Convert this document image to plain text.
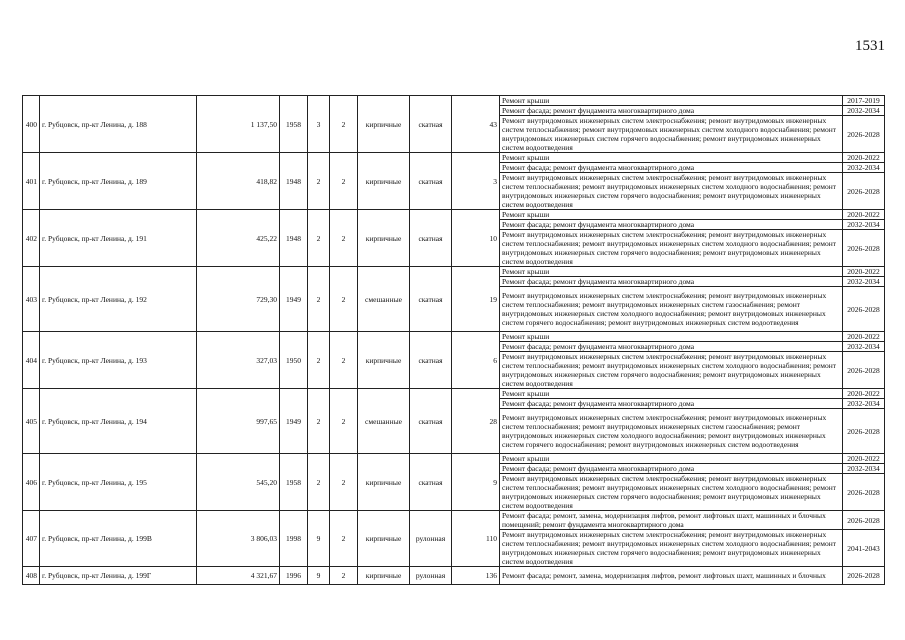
1531
400	г. Рубцовск, пр-кт Ленина, д. 188	1 137,50	1958	3	2	кирпичные	скатная	43	Ремонт крыши	2017-2019
									Ремонт фасада; ремонт фундамента многоквартирного дома	2032-2034
									Ремонт внутридомовых инженерных систем электроснабжения; ремонт внутридомовых инженерных систем теплоснабжения; ремонт внутридомовых инженерных систем холодного водоснабжения; ремонт внутридомовых инженерных систем горячего водоснабжения; ремонт внутридомовых инженерных систем водоотведения	2026-2028
401	г. Рубцовск, пр-кт Ленина, д. 189	418,82	1948	2	2	кирпичные	скатная	3	Ремонт крыши	2020-2022
									Ремонт фасада; ремонт фундамента многоквартирного дома	2032-2034
									Ремонт внутридомовых инженерных систем электроснабжения; ремонт внутридомовых инженерных систем теплоснабжения; ремонт внутридомовых инженерных систем холодного водоснабжения; ремонт внутридомовых инженерных систем горячего водоснабжения; ремонт внутридомовых инженерных систем водоотведения	2026-2028
402	г. Рубцовск, пр-кт Ленина, д. 191	425,22	1948	2	2	кирпичные	скатная	10	Ремонт крыши	2020-2022
									Ремонт фасада; ремонт фундамента многоквартирного дома	2032-2034
									Ремонт внутридомовых инженерных систем электроснабжения; ремонт внутридомовых инженерных систем теплоснабжения; ремонт внутридомовых инженерных систем холодного водоснабжения; ремонт внутридомовых инженерных систем горячего водоснабжения; ремонт внутридомовых инженерных систем водоотведения	2026-2028
403	г. Рубцовск, пр-кт Ленина, д. 192	729,30	1949	2	2	смешанные	скатная	19	Ремонт крыши	2020-2022
									Ремонт фасада; ремонт фундамента многоквартирного дома	2032-2034
									Ремонт внутридомовых инженерных систем электроснабжения; ремонт внутридомовых инженерных систем теплоснабжения; ремонт внутридомовых инженерных систем газоснабжения; ремонт внутридомовых инженерных систем холодного водоснабжения; ремонт внутридомовых инженерных систем горячего водоснабжения; ремонт внутридомовых инженерных систем водоотведения	2026-2028
404	г. Рубцовск, пр-кт Ленина, д. 193	327,03	1950	2	2	кирпичные	скатная	6	Ремонт крыши	2020-2022
									Ремонт фасада; ремонт фундамента многоквартирного дома	2032-2034
									Ремонт внутридомовых инженерных систем электроснабжения; ремонт внутридомовых инженерных систем теплоснабжения; ремонт внутридомовых инженерных систем холодного водоснабжения; ремонт внутридомовых инженерных систем горячего водоснабжения; ремонт внутридомовых инженерных систем водоотведения	2026-2028
405	г. Рубцовск, пр-кт Ленина, д. 194	997,65	1949	2	2	смешанные	скатная	28	Ремонт крыши	2020-2022
									Ремонт фасада; ремонт фундамента многоквартирного дома	2032-2034
									Ремонт внутридомовых инженерных систем электроснабжения; ремонт внутридомовых инженерных систем теплоснабжения; ремонт внутридомовых инженерных систем газоснабжения; ремонт внутридомовых инженерных систем холодного водоснабжения; ремонт внутридомовых инженерных систем горячего водоснабжения; ремонт внутридомовых инженерных систем водоотведения	2026-2028
406	г. Рубцовск, пр-кт Ленина, д. 195	545,20	1958	2	2	кирпичные	скатная	9	Ремонт крыши	2020-2022
									Ремонт фасада; ремонт фундамента многоквартирного дома	2032-2034
									Ремонт внутридомовых инженерных систем электроснабжения; ремонт внутридомовых инженерных систем теплоснабжения; ремонт внутридомовых инженерных систем холодного водоснабжения; ремонт внутридомовых инженерных систем горячего водоснабжения; ремонт внутридомовых инженерных систем водоотведения	2026-2028
407	г. Рубцовск, пр-кт Ленина, д. 199В	3 806,03	1998	9	2	кирпичные	рулонная	110	Ремонт фасада; ремонт, замена, модернизация лифтов, ремонт лифтовых шахт, машинных и блочных помещений; ремонт фундамента многоквартирного дома	2026-2028
									Ремонт внутридомовых инженерных систем электроснабжения; ремонт внутридомовых инженерных систем теплоснабжения; ремонт внутридомовых инженерных систем холодного водоснабжения; ремонт внутридомовых инженерных систем горячего водоснабжения; ремонт внутридомовых инженерных систем водоотведения	2041-2043
408	г. Рубцовск, пр-кт Ленина, д. 199Г	4 321,67	1996	9	2	кирпичные	рулонная	136	Ремонт фасада; ремонт, замена, модернизация лифтов, ремонт лифтовых шахт, машинных и блочных	2026-2028
